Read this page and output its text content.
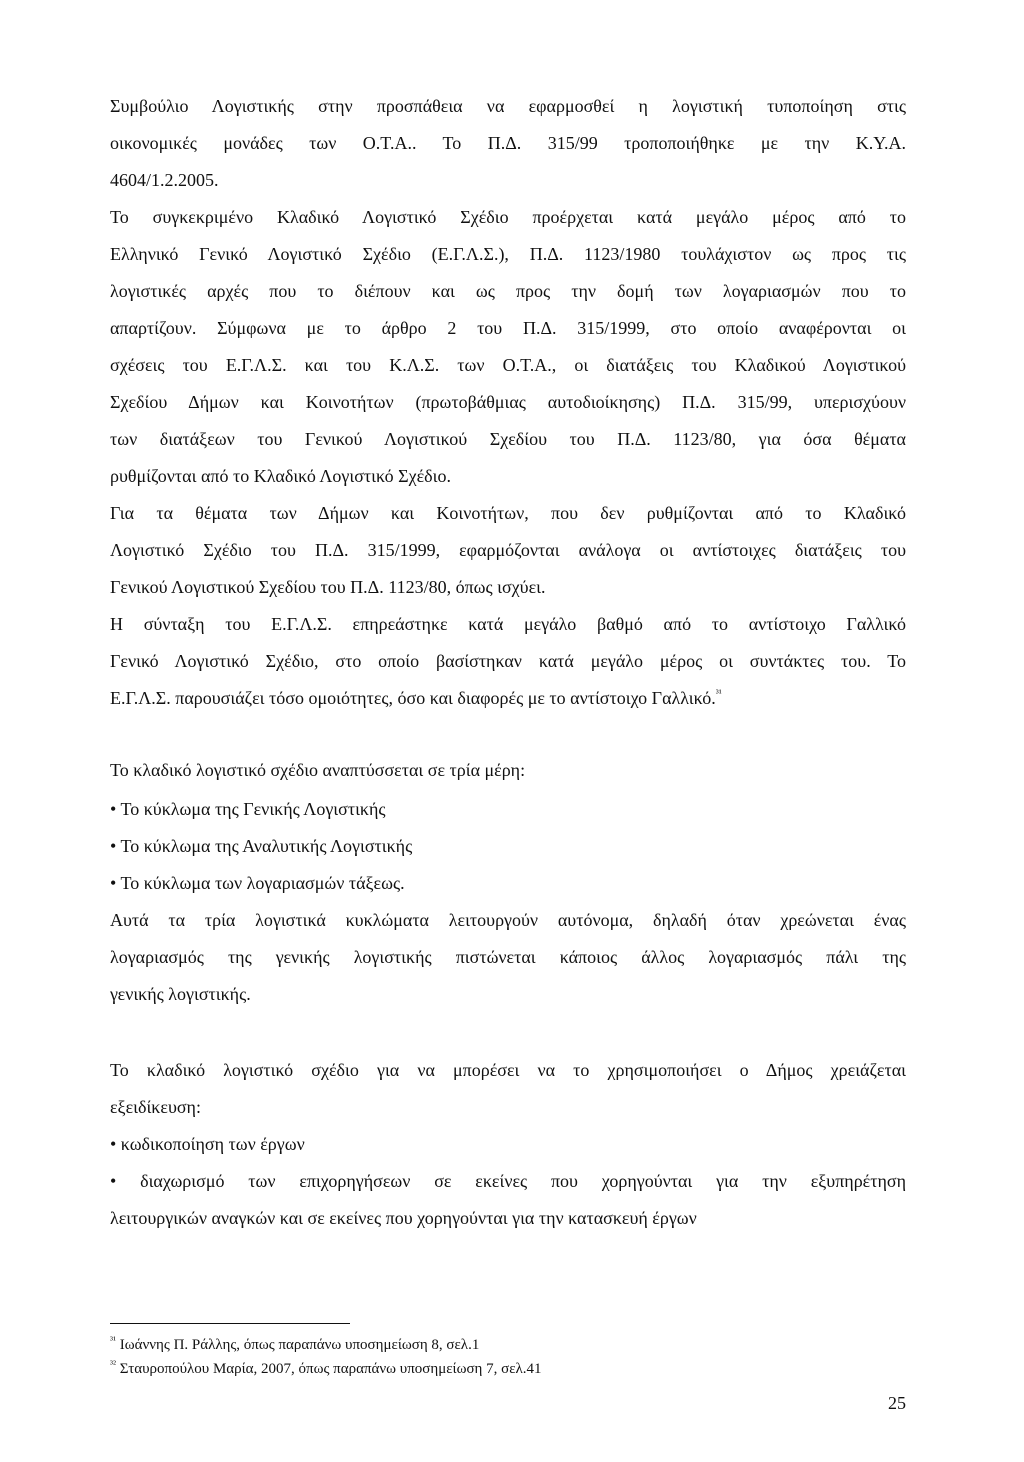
Συμβούλιο Λογιστικής στην προσπάθεια να εφαρμοσθεί η λογιστική τυποποίηση στις
οικονομικές μονάδες των Ο.Τ.Α.. Το Π.Δ. 315/99 τροποποιήθηκε με την Κ.Υ.Α.
4604/1.2.2005.
Το συγκεκριμένο Κλαδικό Λογιστικό Σχέδιο προέρχεται κατά μεγάλο μέρος από το
Ελληνικό Γενικό Λογιστικό Σχέδιο (Ε.Γ.Λ.Σ.), Π.Δ. 1123/1980 τουλάχιστον ως προς τις
λογιστικές αρχές που το διέπουν και ως προς την δομή των λογαριασμών που το
απαρτίζουν. Σύμφωνα με το άρθρο 2 του Π.Δ. 315/1999, στο οποίο αναφέρονται οι
σχέσεις του Ε.Γ.Λ.Σ. και του Κ.Λ.Σ. των Ο.Τ.Α., οι διατάξεις του Κλαδικού Λογιστικού
Σχεδίου Δήμων και Κοινοτήτων (πρωτοβάθμιας αυτοδιοίκησης) Π.Δ. 315/99, υπερισχύουν
των διατάξεων του Γενικού Λογιστικού Σχεδίου του Π.Δ. 1123/80, για όσα θέματα
ρυθμίζονται από το Κλαδικό Λογιστικό Σχέδιο.
Για τα θέματα των Δήμων και Κοινοτήτων, που δεν ρυθμίζονται από το Κλαδικό
Λογιστικό Σχέδιο του Π.Δ. 315/1999, εφαρμόζονται ανάλογα οι αντίστοιχες διατάξεις του
Γενικού Λογιστικού Σχεδίου του Π.Δ. 1123/80, όπως ισχύει.
Η σύνταξη του Ε.Γ.Λ.Σ. επηρεάστηκε κατά μεγάλο βαθμό από το αντίστοιχο Γαλλικό
Γενικό Λογιστικό Σχέδιο, στο οποίο βασίστηκαν κατά μεγάλο μέρος οι συντάκτες του. Το
Ε.Γ.Λ.Σ. παρουσιάζει τόσο ομοιότητες, όσο και διαφορές με το αντίστοιχο Γαλλικό.$^{^{31}}$
Το κλαδικό λογιστικό σχέδιο αναπτύσσεται σε τρία μέρη:
• Το κύκλωμα της Γενικής Λογιστικής
• Το κύκλωμα της Αναλυτικής Λογιστικής
• Το κύκλωμα των λογαριασμών τάξεως.
Αυτά τα τρία λογιστικά κυκλώματα λειτουργούν αυτόνομα, δηλαδή όταν χρεώνεται ένας
λογαριασμός της γενικής λογιστικής πιστώνεται κάποιος άλλος λογαριασμός πάλι της
γενικής λογιστικής.
Το κλαδικό λογιστικό σχέδιο για να μπορέσει να το χρησιμοποιήσει ο Δήμος χρειάζεται
εξειδίκευση:
• κωδικοποίηση των έργων
• διαχωρισμό των επιχορηγήσεων σε εκείνες που χορηγούνται για την εξυπηρέτηση
λειτουργικών αναγκών και σε εκείνες που χορηγούνται για την κατασκευή έργων
$^{^{31}}$ Ιωάννης Π. Ράλλης, όπως παραπάνω υποσημείωση 8, σελ.1
$^{^{32}}$ Σταυροπούλου Μαρία, 2007, όπως παραπάνω υποσημείωση 7, σελ.41
25
